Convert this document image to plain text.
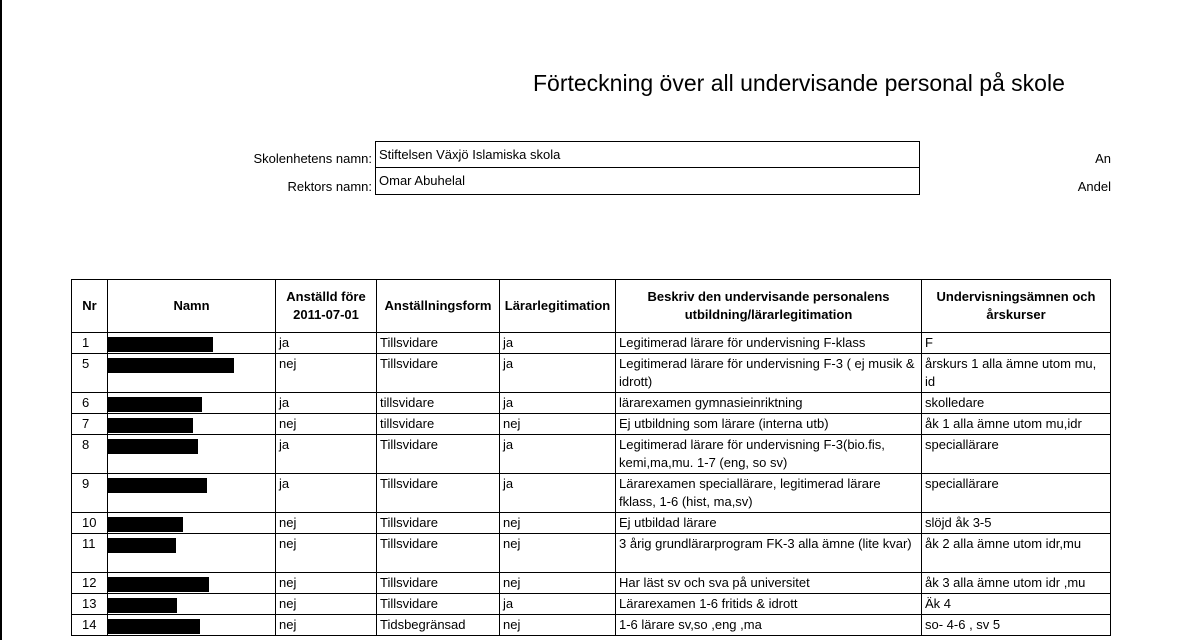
Förteckning över all undervisande personal på skole
Skolenhetens namn: Stiftelsen Växjö Islamiska skola
Rektors namn: Omar Abuhelal
An
Andel
Nr	Namn	Anställd före 2011-07-01	Anställningsform	Lärarlegitimation	Beskriv den undervisande personalens utbildning/lärarlegitimation	Undervisningsämnen och årskurser
1		ja	Tillsvidare	ja	Legitimerad lärare för undervisning F-klass	F
5		nej	Tillsvidare	ja	Legitimerad lärare för undervisning F-3 ( ej musik & idrott)	årskurs 1 alla ämne utom mu, id
6		ja	tillsvidare	ja	lärarexamen gymnasieinriktning	skolledare
7		nej	tillsvidare	nej	Ej utbildning som lärare (interna utb)	åk 1 alla ämne utom mu,idr
8		ja	Tillsvidare	ja	Legitimerad lärare för undervisning F-3(bio.fis, kemi,ma,mu. 1-7 (eng, so sv)	speciallärare
9		ja	Tillsvidare	ja	Lärarexamen speciallärare, legitimerad lärare fklass, 1-6 (hist, ma,sv)	speciallärare
10		nej	Tillsvidare	nej	Ej utbildad lärare	slöjd åk 3-5
11		nej	Tillsvidare	nej	3 årig grundlärarprogram FK-3 alla ämne (lite kvar)	åk 2 alla ämne utom idr,mu
12		nej	Tillsvidare	nej	Har läst sv och sva på universitet	åk 3 alla ämne utom idr ,mu
13		nej	Tillsvidare	ja	Lärarexamen 1-6 fritids & idrott	Äk 4
14		nej	Tidsbegränsad	nej	1-6 lärare sv,so ,eng ,ma	so- 4-6 , sv 5
